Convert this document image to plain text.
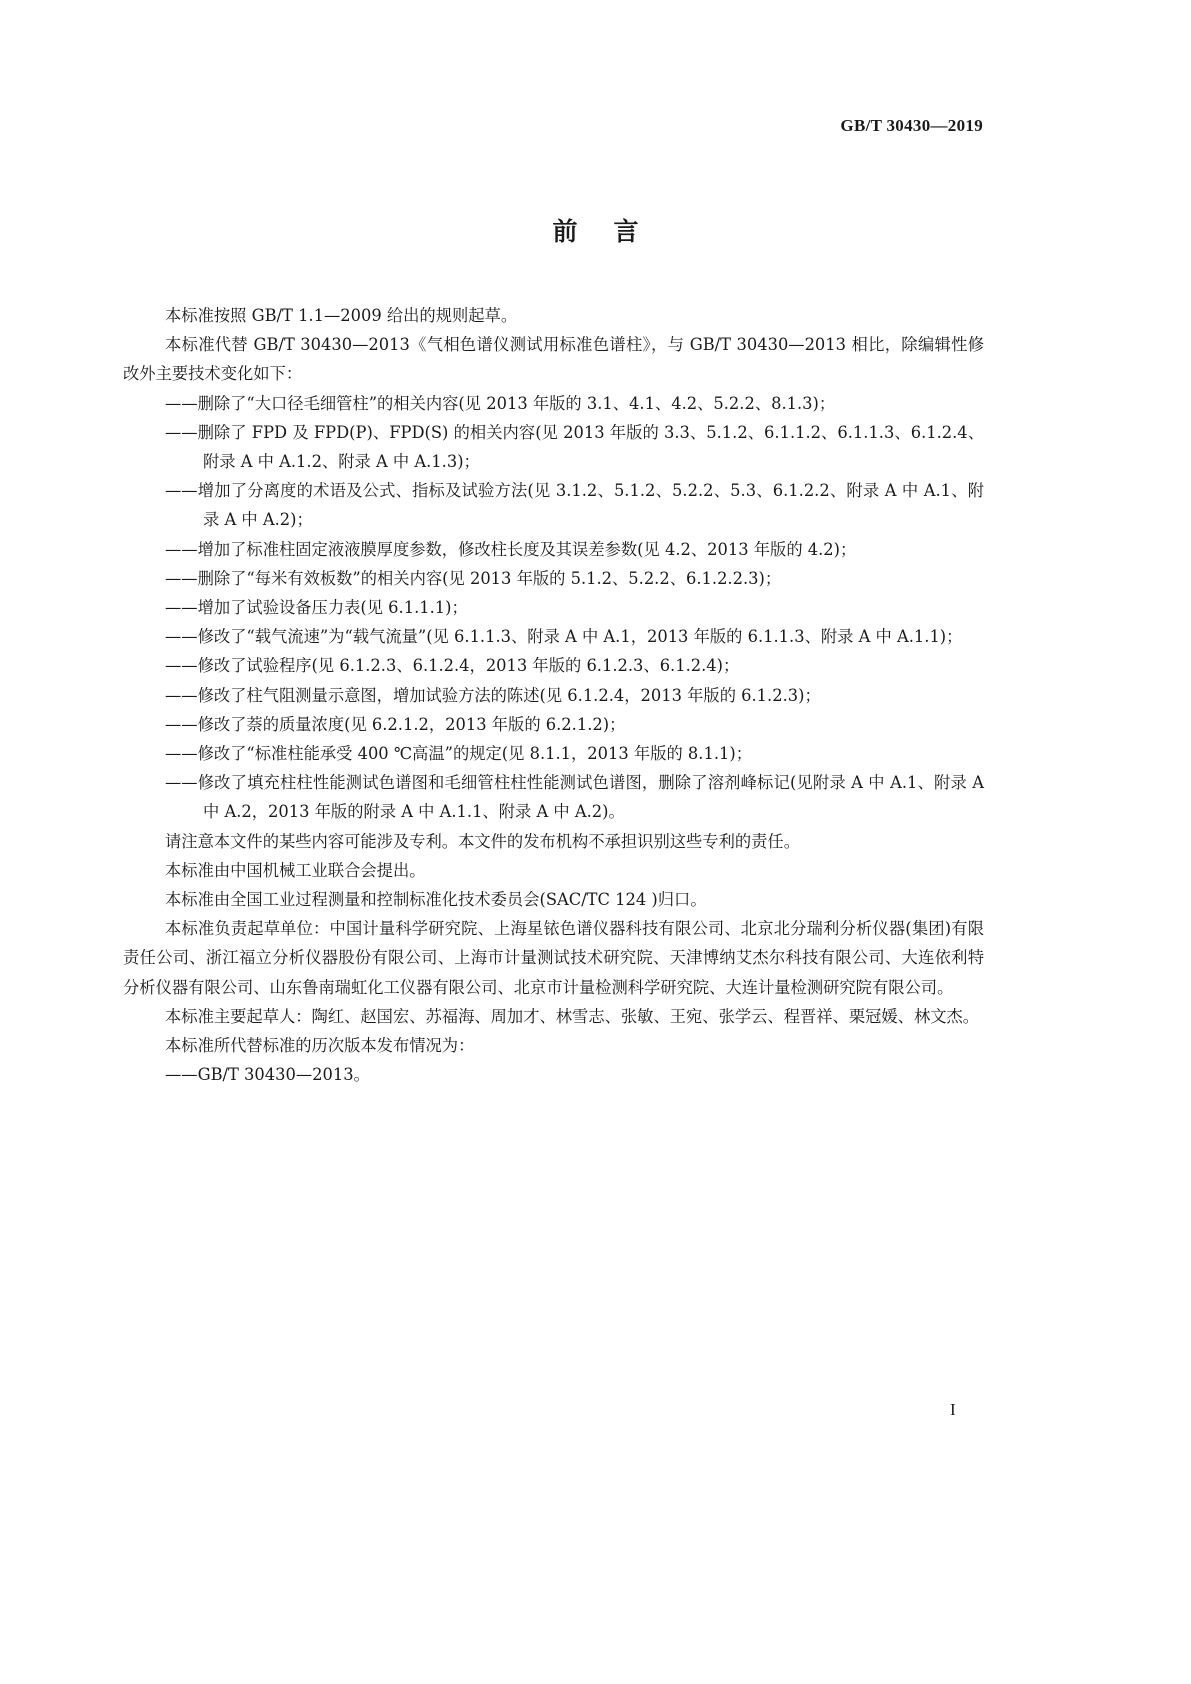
GB/T 30430—2019
前言

本标准按照 GB/T 1.1—2009 给出的规则起草。

本标准代替 GB/T 30430—2013《气相色谱仪测试用标准色谱柱》，与 GB/T 30430—2013 相比，除编辑性修改外主要技术变化如下：

——删除了“大口径毛细管柱”的相关内容(见 2013 年版的 3.1、4.1、4.2、5.2.2、8.1.3)；

——删除了 FPD 及 FPD(P)、FPD(S) 的相关内容(见 2013 年版的 3.3、5.1.2、6.1.1.2、6.1.1.3、6.1.2.4、附录 A 中 A.1.2、附录 A 中 A.1.3)；

——增加了分离度的术语及公式、指标及试验方法(见 3.1.2、5.1.2、5.2.2、5.3、6.1.2.2、附录 A 中 A.1、附录 A 中 A.2)；

——增加了标准柱固定液液膜厚度参数，修改柱长度及其误差参数(见 4.2、2013 年版的 4.2)；

——删除了“每米有效板数”的相关内容(见 2013 年版的 5.1.2、5.2.2、6.1.2.2.3)；

——增加了试验设备压力表(见 6.1.1.1)；

——修改了“载气流速”为“载气流量”(见 6.1.1.3、附录 A 中 A.1，2013 年版的 6.1.1.3、附录 A 中 A.1.1)；

——修改了试验程序(见 6.1.2.3、6.1.2.4，2013 年版的 6.1.2.3、6.1.2.4)；

——修改了柱气阻测量示意图，增加试验方法的陈述(见 6.1.2.4，2013 年版的 6.1.2.3)；

——修改了萘的质量浓度(见 6.2.1.2，2013 年版的 6.2.1.2)；

——修改了“标准柱能承受 400 ℃高温”的规定(见 8.1.1，2013 年版的 8.1.1)；

——修改了填充柱柱性能测试色谱图和毛细管柱柱性能测试色谱图，删除了溶剂峰标记(见附录 A 中 A.1、附录 A 中 A.2，2013 年版的附录 A 中 A.1.1、附录 A 中 A.2)。

请注意本文件的某些内容可能涉及专利。本文件的发布机构不承担识别这些专利的责任。

本标准由中国机械工业联合会提出。

本标准由全国工业过程测量和控制标准化技术委员会(SAC/TC 124 )归口。

本标准负责起草单位：中国计量科学研究院、上海星铱色谱仪器科技有限公司、北京北分瑞利分析仪器(集团)有限责任公司、浙江福立分析仪器股份有限公司、上海市计量测试技术研究院、天津博纳艾杰尔科技有限公司、大连依利特分析仪器有限公司、山东鲁南瑞虹化工仪器有限公司、北京市计量检测科学研究院、大连计量检测研究院有限公司。

本标准主要起草人：陶红、赵国宏、苏福海、周加才、林雪志、张敏、王宛、张学云、程晋祥、栗冠媛、林文杰。

本标准所代替标准的历次版本发布情况为：

——GB/T 30430—2013。

I
